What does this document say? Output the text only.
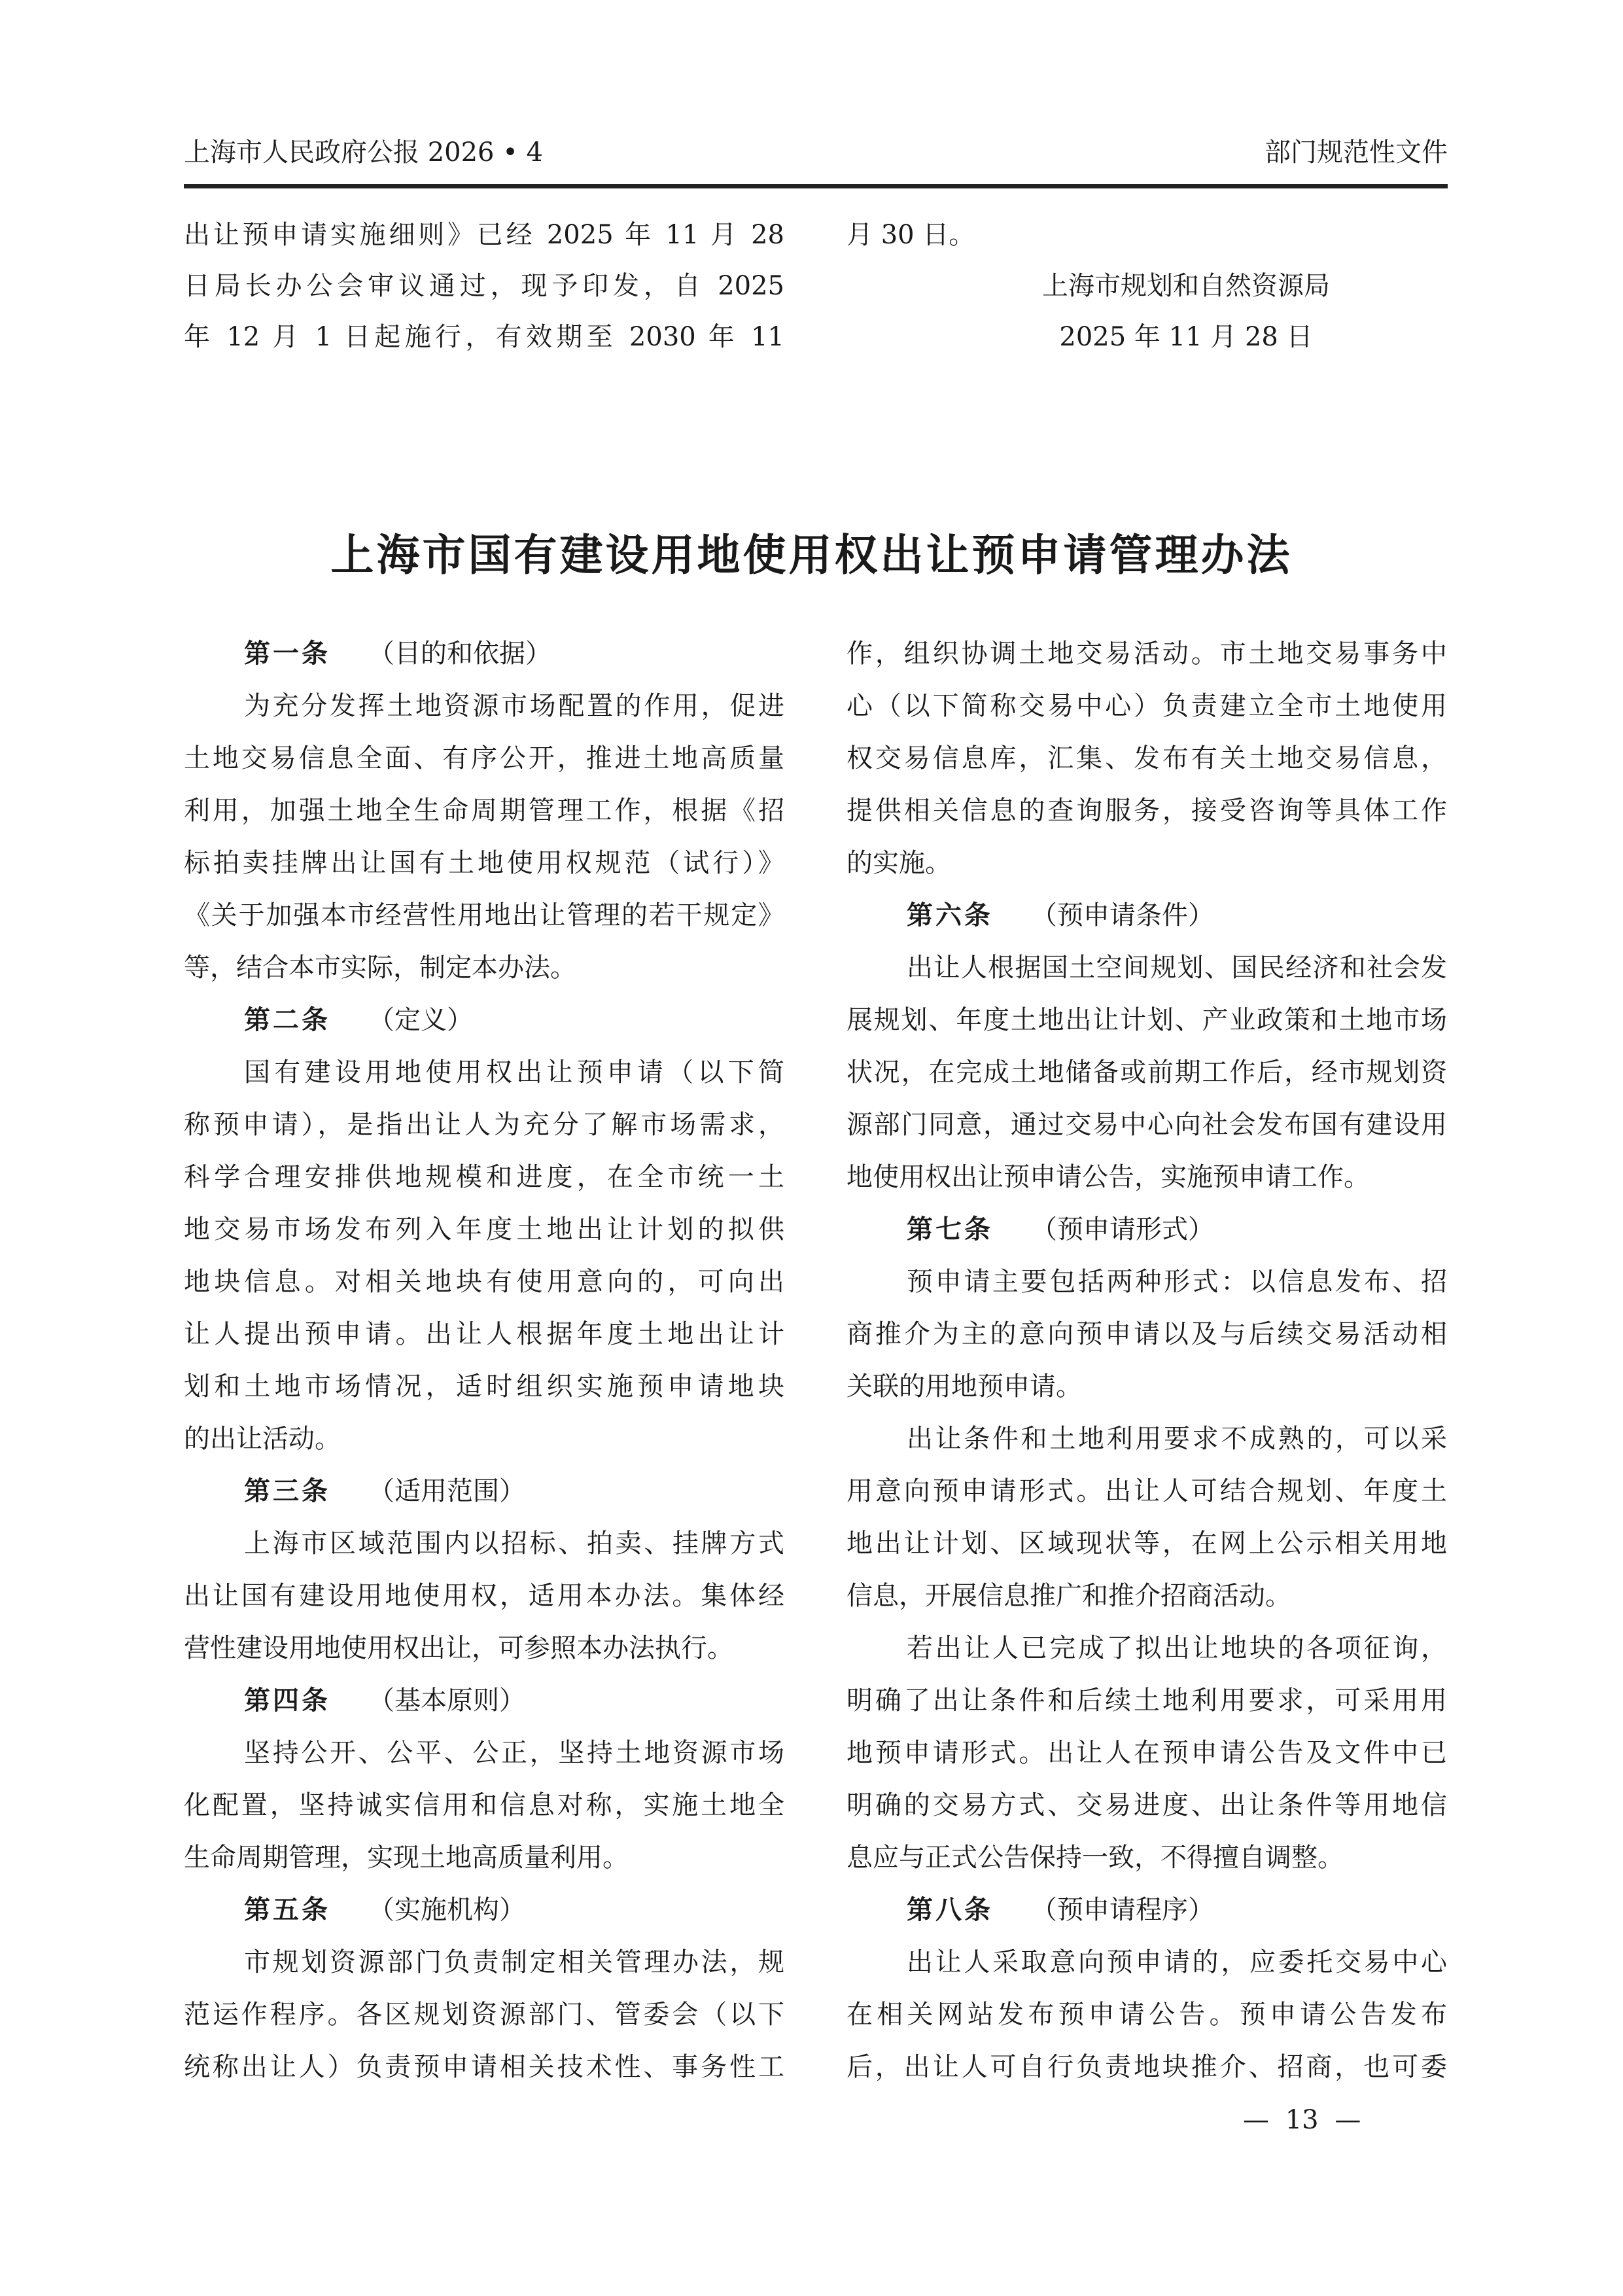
上海市人民政府公报 2026 • 4	部门规范性文件
出让预申请实施细则》已经 2025 年 11 月 28
日局长办公会审议通过，现予印发，自 2025
年 12 月 1 日起施行，有效期至 2030 年 11
月 30 日。
上海市规划和自然资源局
2025 年 11 月 28 日
上海市国有建设用地使用权出让预申请管理办法
第一条 （目的和依据）
为充分发挥土地资源市场配置的作用，促进
土地交易信息全面、有序公开，推进土地高质量
利用，加强土地全生命周期管理工作，根据《招
标拍卖挂牌出让国有土地使用权规范（试行）》
《关于加强本市经营性用地出让管理的若干规定》
等，结合本市实际，制定本办法。
第二条 （定义）
国有建设用地使用权出让预申请（以下简
称预申请），是指出让人为充分了解市场需求，
科学合理安排供地规模和进度，在全市统一土
地交易市场发布列入年度土地出让计划的拟供
地块信息。对相关地块有使用意向的，可向出
让人提出预申请。出让人根据年度土地出让计
划和土地市场情况，适时组织实施预申请地块
的出让活动。
第三条 （适用范围）
上海市区域范围内以招标、拍卖、挂牌方式
出让国有建设用地使用权，适用本办法。集体经
营性建设用地使用权出让，可参照本办法执行。
第四条 （基本原则）
坚持公开、公平、公正，坚持土地资源市场
化配置，坚持诚实信用和信息对称，实施土地全
生命周期管理，实现土地高质量利用。
第五条 （实施机构）
市规划资源部门负责制定相关管理办法，规
范运作程序。各区规划资源部门、管委会（以下
统称出让人）负责预申请相关技术性、事务性工
作，组织协调土地交易活动。市土地交易事务中
心（以下简称交易中心）负责建立全市土地使用
权交易信息库，汇集、发布有关土地交易信息，
提供相关信息的查询服务，接受咨询等具体工作
的实施。
第六条 （预申请条件）
出让人根据国土空间规划、国民经济和社会发
展规划、年度土地出让计划、产业政策和土地市场
状况，在完成土地储备或前期工作后，经市规划资
源部门同意，通过交易中心向社会发布国有建设用
地使用权出让预申请公告，实施预申请工作。
第七条 （预申请形式）
预申请主要包括两种形式：以信息发布、招
商推介为主的意向预申请以及与后续交易活动相
关联的用地预申请。
出让条件和土地利用要求不成熟的，可以采
用意向预申请形式。出让人可结合规划、年度土
地出让计划、区域现状等，在网上公示相关用地
信息，开展信息推广和推介招商活动。
若出让人已完成了拟出让地块的各项征询，
明确了出让条件和后续土地利用要求，可采用用
地预申请形式。出让人在预申请公告及文件中已
明确的交易方式、交易进度、出让条件等用地信
息应与正式公告保持一致，不得擅自调整。
第八条 （预申请程序）
出让人采取意向预申请的，应委托交易中心
在相关网站发布预申请公告。预申请公告发布
后，出让人可自行负责地块推介、招商，也可委
— 13 —
